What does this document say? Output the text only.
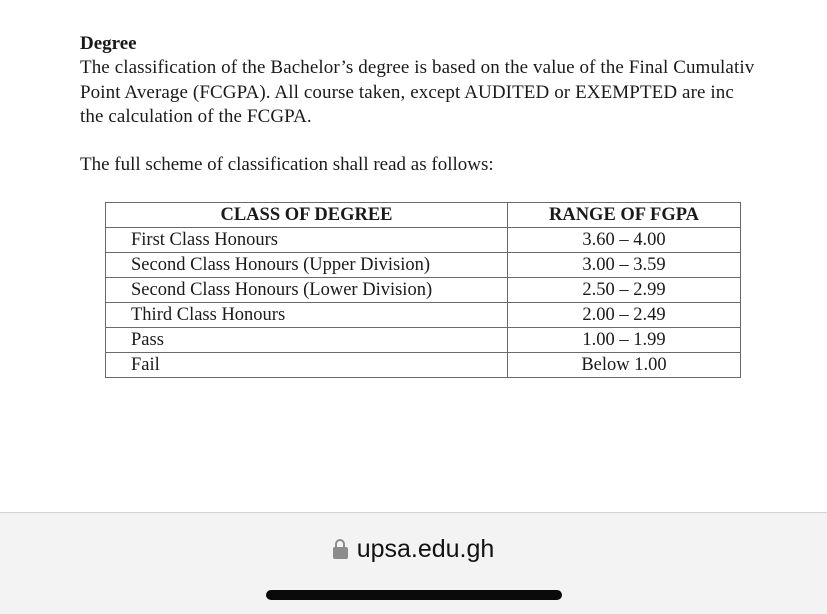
Degree
The classification of the Bachelor’s degree is based on the value of the Final Cumulativ
Point Average (FCGPA). All course taken, except AUDITED or EXEMPTED are inc
the calculation of the FCGPA.
The full scheme of classification shall read as follows:
CLASS OF DEGREE	RANGE OF FGPA
First Class Honours	3.60 – 4.00
Second Class Honours (Upper Division)	3.00 – 3.59
Second Class Honours (Lower Division)	2.50 – 2.99
Third Class Honours	2.00 – 2.49
Pass	1.00 – 1.99
Fail	Below 1.00
upsa.edu.gh
